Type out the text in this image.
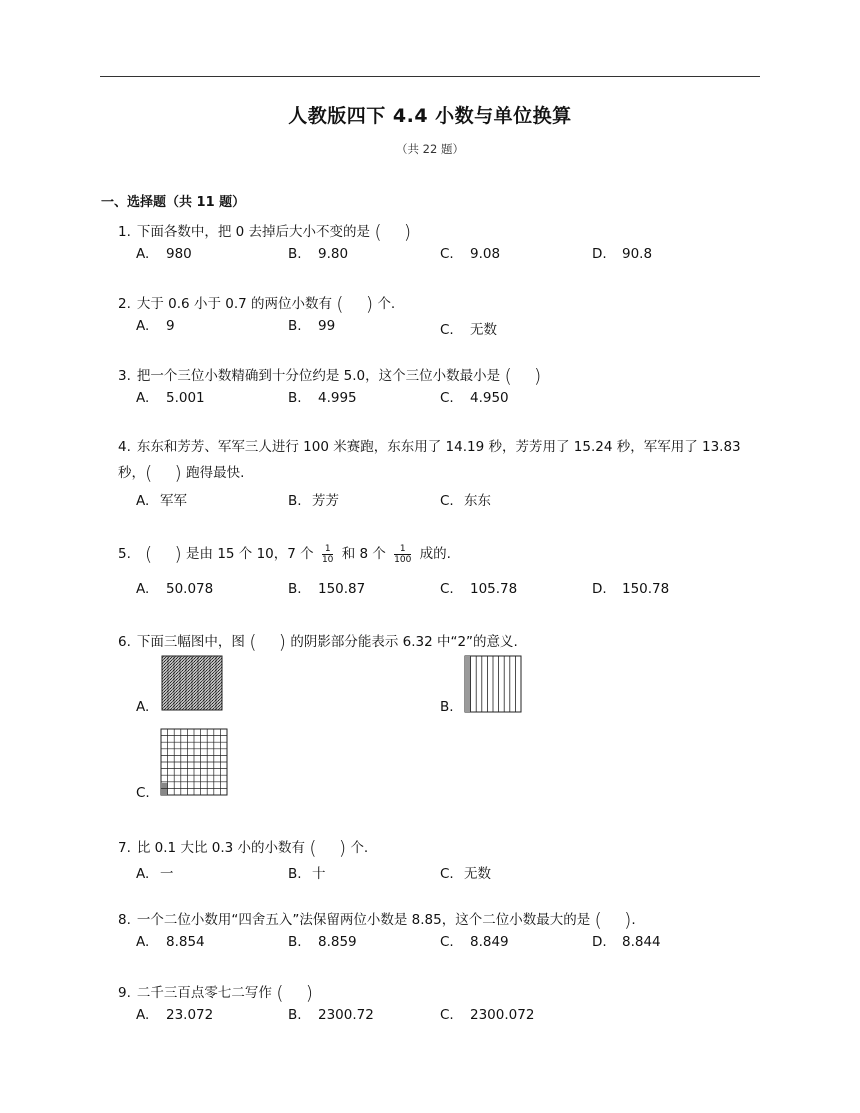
人教版四下 4.4 小数与单位换算
（共 22 题）
一、选择题（共 11 题）
1. 下面各数中，把 0 去掉后大小不变的是 ( )
A. 980	B. 9.80	C. 9.08	D. 90.8
2. 大于 0.6 小于 0.7 的两位小数有 ( ) 个.
A. 9	B. 99	C. 无数
3. 把一个三位小数精确到十分位约是 5.0，这个三位小数最小是 ( )
A. 5.001	B. 4.995	C. 4.950
4. 东东和芳芳、军军三人进行 100 米赛跑，东东用了 14.19 秒，芳芳用了 15.24 秒，军军用了 13.83 秒，( ) 跑得最快.
A. 军军	B. 芳芳	C. 东东
5. ( ) 是由 15 个 10，7 个 $\frac{1}{10}$ 和 8 个 $\frac{1}{100}$ 成的.
A. 50.078	B. 150.87	C. 105.78	D. 150.78
6. 下面三幅图中，图 ( ) 的阴影部分能表示 6.32 中“2”的意义.
A.	B.
C.
7. 比 0.1 大比 0.3 小的小数有 ( ) 个.
A. 一	B. 十	C. 无数
8. 一个二位小数用“四舍五入”法保留两位小数是 8.85，这个二位小数最大的是 ( ).
A. 8.854	B. 8.859	C. 8.849	D. 8.844
9. 二千三百点零七二写作 ( )
A. 23.072	B. 2300.72	C. 2300.072
